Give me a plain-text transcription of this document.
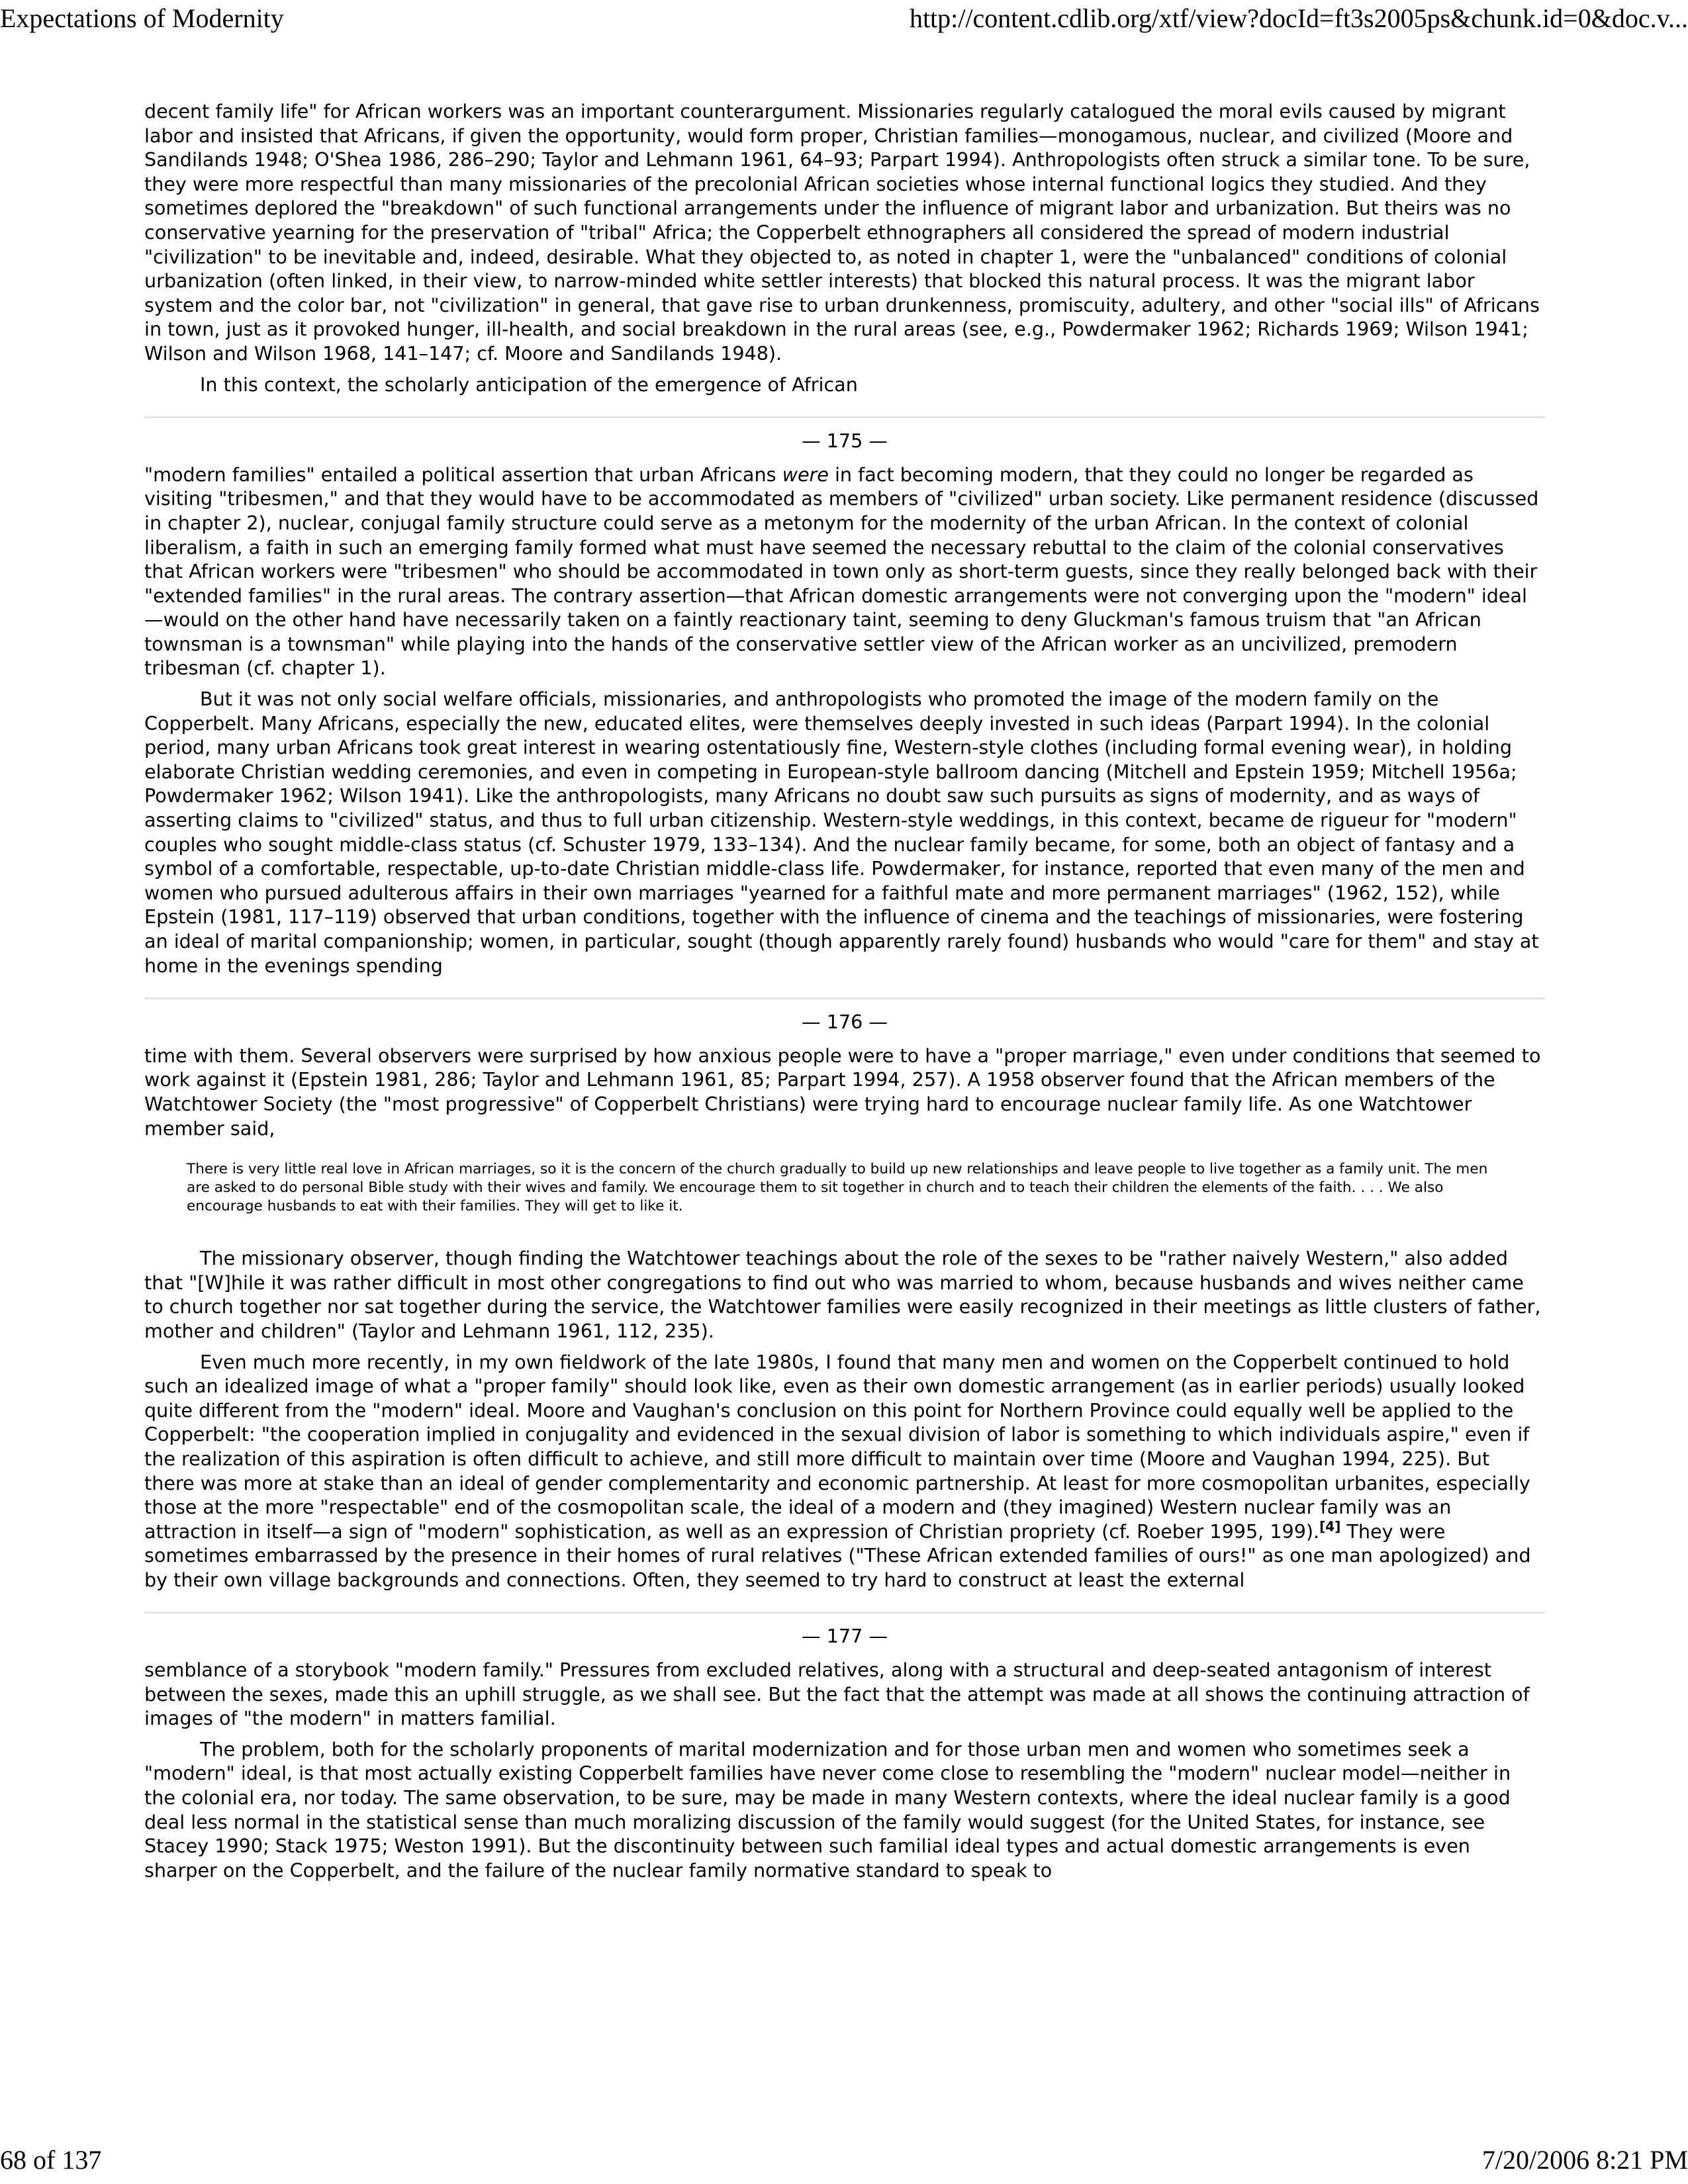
Expectations of Modernity	http://content.cdlib.org/xtf/view?docId=ft3s2005ps&chunk.id=0&doc.v...

decent family life" for African workers was an important counterargument. Missionaries regularly catalogued the moral evils caused by migrant labor and insisted that Africans, if given the opportunity, would form proper, Christian families—monogamous, nuclear, and civilized (Moore and Sandilands 1948; O'Shea 1986, 286–290; Taylor and Lehmann 1961, 64–93; Parpart 1994). Anthropologists often struck a similar tone. To be sure, they were more respectful than many missionaries of the precolonial African societies whose internal functional logics they studied. And they sometimes deplored the "breakdown" of such functional arrangements under the influence of migrant labor and urbanization. But theirs was no conservative yearning for the preservation of "tribal" Africa; the Copperbelt ethnographers all considered the spread of modern industrial "civilization" to be inevitable and, indeed, desirable. What they objected to, as noted in chapter 1, were the "unbalanced" conditions of colonial urbanization (often linked, in their view, to narrow-minded white settler interests) that blocked this natural process. It was the migrant labor system and the color bar, not "civilization" in general, that gave rise to urban drunkenness, promiscuity, adultery, and other "social ills" of Africans in town, just as it provoked hunger, ill-health, and social breakdown in the rural areas (see, e.g., Powdermaker 1962; Richards 1969; Wilson 1941; Wilson and Wilson 1968, 141–147; cf. Moore and Sandilands 1948).

In this context, the scholarly anticipation of the emergence of African

— 175 —

"modern families" entailed a political assertion that urban Africans were in fact becoming modern, that they could no longer be regarded as visiting "tribesmen," and that they would have to be accommodated as members of "civilized" urban society. Like permanent residence (discussed in chapter 2), nuclear, conjugal family structure could serve as a metonym for the modernity of the urban African. In the context of colonial liberalism, a faith in such an emerging family formed what must have seemed the necessary rebuttal to the claim of the colonial conservatives that African workers were "tribesmen" who should be accommodated in town only as short-term guests, since they really belonged back with their "extended families" in the rural areas. The contrary assertion—that African domestic arrangements were not converging upon the "modern" ideal—would on the other hand have necessarily taken on a faintly reactionary taint, seeming to deny Gluckman's famous truism that "an African townsman is a townsman" while playing into the hands of the conservative settler view of the African worker as an uncivilized, premodern tribesman (cf. chapter 1).

But it was not only social welfare officials, missionaries, and anthropologists who promoted the image of the modern family on the Copperbelt. Many Africans, especially the new, educated elites, were themselves deeply invested in such ideas (Parpart 1994). In the colonial period, many urban Africans took great interest in wearing ostentatiously fine, Western-style clothes (including formal evening wear), in holding elaborate Christian wedding ceremonies, and even in competing in European-style ballroom dancing (Mitchell and Epstein 1959; Mitchell 1956a; Powdermaker 1962; Wilson 1941). Like the anthropologists, many Africans no doubt saw such pursuits as signs of modernity, and as ways of asserting claims to "civilized" status, and thus to full urban citizenship. Western-style weddings, in this context, became de rigueur for "modern" couples who sought middle-class status (cf. Schuster 1979, 133–134). And the nuclear family became, for some, both an object of fantasy and a symbol of a comfortable, respectable, up-to-date Christian middle-class life. Powdermaker, for instance, reported that even many of the men and women who pursued adulterous affairs in their own marriages "yearned for a faithful mate and more permanent marriages" (1962, 152), while Epstein (1981, 117–119) observed that urban conditions, together with the influence of cinema and the teachings of missionaries, were fostering an ideal of marital companionship; women, in particular, sought (though apparently rarely found) husbands who would "care for them" and stay at home in the evenings spending

— 176 —

time with them. Several observers were surprised by how anxious people were to have a "proper marriage," even under conditions that seemed to work against it (Epstein 1981, 286; Taylor and Lehmann 1961, 85; Parpart 1994, 257). A 1958 observer found that the African members of the Watchtower Society (the "most progressive" of Copperbelt Christians) were trying hard to encourage nuclear family life. As one Watchtower member said,

There is very little real love in African marriages, so it is the concern of the church gradually to build up new relationships and leave people to live together as a family unit. The men are asked to do personal Bible study with their wives and family. We encourage them to sit together in church and to teach their children the elements of the faith. . . . We also encourage husbands to eat with their families. They will get to like it.

The missionary observer, though finding the Watchtower teachings about the role of the sexes to be "rather naively Western," also added that "[W]hile it was rather difficult in most other congregations to find out who was married to whom, because husbands and wives neither came to church together nor sat together during the service, the Watchtower families were easily recognized in their meetings as little clusters of father, mother and children" (Taylor and Lehmann 1961, 112, 235).

Even much more recently, in my own fieldwork of the late 1980s, I found that many men and women on the Copperbelt continued to hold such an idealized image of what a "proper family" should look like, even as their own domestic arrangement (as in earlier periods) usually looked quite different from the "modern" ideal. Moore and Vaughan's conclusion on this point for Northern Province could equally well be applied to the Copperbelt: "the cooperation implied in conjugality and evidenced in the sexual division of labor is something to which individuals aspire," even if the realization of this aspiration is often difficult to achieve, and still more difficult to maintain over time (Moore and Vaughan 1994, 225). But there was more at stake than an ideal of gender complementarity and economic partnership. At least for more cosmopolitan urbanites, especially those at the more "respectable" end of the cosmopolitan scale, the ideal of a modern and (they imagined) Western nuclear family was an attraction in itself—a sign of "modern" sophistication, as well as an expression of Christian propriety (cf. Roeber 1995, 199).[4] They were sometimes embarrassed by the presence in their homes of rural relatives ("These African extended families of ours!" as one man apologized) and by their own village backgrounds and connections. Often, they seemed to try hard to construct at least the external

— 177 —

semblance of a storybook "modern family." Pressures from excluded relatives, along with a structural and deep-seated antagonism of interest between the sexes, made this an uphill struggle, as we shall see. But the fact that the attempt was made at all shows the continuing attraction of images of "the modern" in matters familial.

The problem, both for the scholarly proponents of marital modernization and for those urban men and women who sometimes seek a "modern" ideal, is that most actually existing Copperbelt families have never come close to resembling the "modern" nuclear model—neither in the colonial era, nor today. The same observation, to be sure, may be made in many Western contexts, where the ideal nuclear family is a good deal less normal in the statistical sense than much moralizing discussion of the family would suggest (for the United States, for instance, see Stacey 1990; Stack 1975; Weston 1991). But the discontinuity between such familial ideal types and actual domestic arrangements is even sharper on the Copperbelt, and the failure of the nuclear family normative standard to speak to

68 of 137	7/20/2006 8:21 PM
